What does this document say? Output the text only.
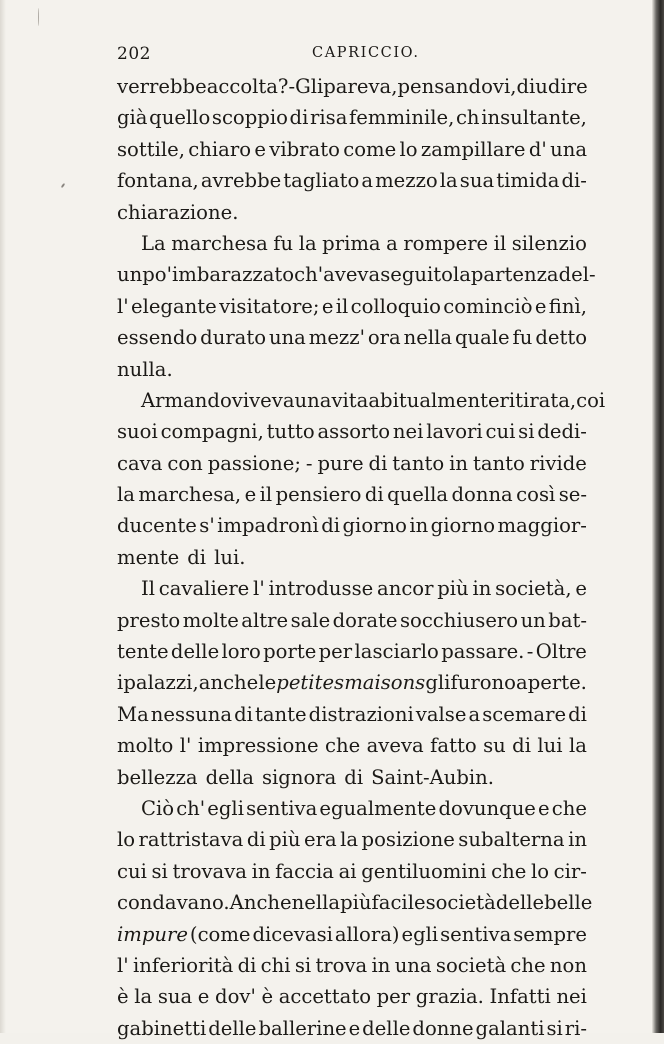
202	CAPRICCIO.
verrebbe accolta? - Gli pareva, pensandovi, di udire
già quello scoppio di risa femminile, ch insultante,
sottile, chiaro e vibrato come lo zampillare d' una
fontana, avrebbe tagliato a mezzo la sua timida di-
chiarazione.
La marchesa fu la prima a rompere il silenzio
un po' imbarazzato ch'aveva seguito la partenza del-
l' elegante visitatore; e il colloquio cominciò e finì,
essendo durato una mezz' ora nella quale fu detto
nulla.
Armando viveva una vita abitualmente ritirata, coi
suoi compagni, tutto assorto nei lavori cui si dedi-
cava con passione; - pure di tanto in tanto rivide
la marchesa, e il pensiero di quella donna così se-
ducente s' impadronì di giorno in giorno maggior-
mente di lui.
Il cavaliere l' introdusse ancor più in società, e
presto molte altre sale dorate socchiusero un bat-
tente delle loro porte per lasciarlo passare. - Oltre
i palazzi, anche le petites maisons gli furono aperte.
Ma nessuna di tante distrazioni valse a scemare di
molto l' impressione che aveva fatto su di lui la
bellezza della signora di Saint-Aubin.
Ciò ch' egli sentiva egualmente dovunque e che
lo rattristava di più era la posizione subalterna in
cui si trovava in faccia ai gentiluomini che lo cir-
condavano. Anche nella più facile società delle belle
impure (come dicevasi allora) egli sentiva sempre
l' inferiorità di chi si trova in una società che non
è la sua e dov' è accettato per grazia. Infatti nei
gabinetti delle ballerine e delle donne galanti si ri-
